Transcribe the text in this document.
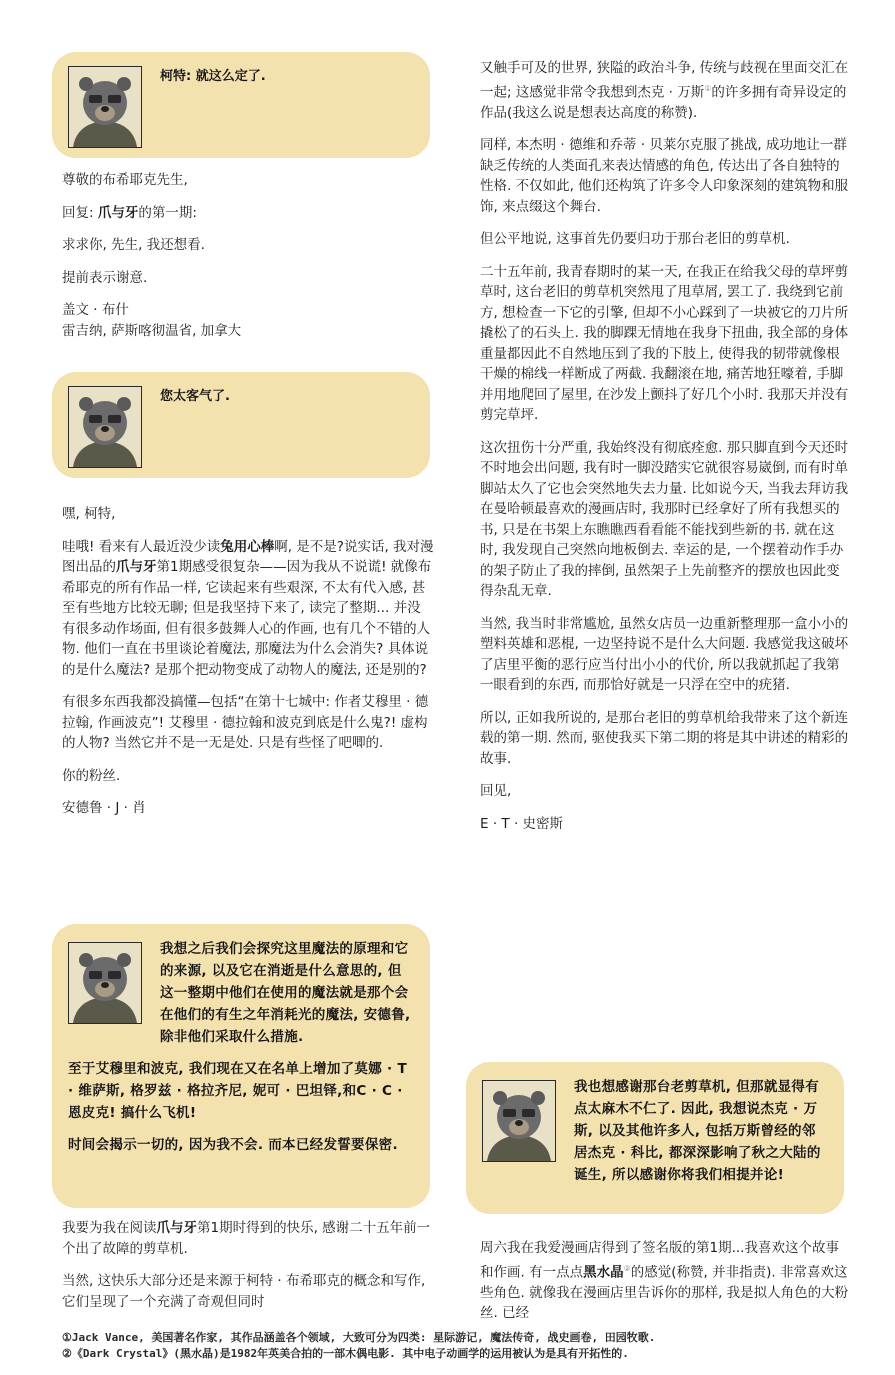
柯特: 就这么定了.

尊敬的布希耶克先生,

回复: 爪与牙的第一期:

求求你, 先生, 我还想看.

提前表示谢意.

盖文 · 布什

雷吉纳, 萨斯喀彻温省, 加拿大

您太客气了.

嘿, 柯特,

哇哦! 看来有人最近没少读兔用心棒啊, 是不是?说实话, 我对漫图出品的爪与牙第1期感受很复杂——因为我从不说谎! 就像布希耶克的所有作品一样, 它读起来有些艰深, 不太有代入感, 甚至有些地方比较无聊; 但是我坚持下来了, 读完了整期... 并没有很多动作场面, 但有很多鼓舞人心的作画, 也有几个不错的人物. 他们一直在书里谈论着魔法, 那魔法为什么会消失? 具体说的是什么魔法? 是那个把动物变成了动物人的魔法, 还是别的?

有很多东西我都没搞懂—包括“在第十七城中: 作者艾穆里 · 德拉翰, 作画波克”! 艾穆里 · 德拉翰和波克到底是什么鬼?! 虚构的人物? 当然它并不是一无是处. 只是有些怪了吧唧的.

你的粉丝.

安德鲁 · J · 肖

我想之后我们会探究这里魔法的原理和它的来源, 以及它在消逝是什么意思的, 但这一整期中他们在使用的魔法就是那个会在他们的有生之年消耗光的魔法, 安德鲁, 除非他们采取什么措施.

至于艾穆里和波克, 我们现在又在名单上增加了莫娜 · T · 维萨斯, 格罗兹 · 格拉齐尼, 妮可 · 巴坦铎,和C · C · 恩皮克! 搞什么飞机!

时间会揭示一切的, 因为我不会. 而本已经发誓要保密.

我要为我在阅读爪与牙第1期时得到的快乐, 感谢二十五年前一个出了故障的剪草机.

当然, 这快乐大部分还是来源于柯特 · 布希耶克的概念和写作, 它们呈现了一个充满了奇观但同时

又触手可及的世界, 狭隘的政治斗争, 传统与歧视在里面交汇在一起; 这感觉非常令我想到杰克 · 万斯①的许多拥有奇异设定的作品(我这么说是想表达高度的称赞).

同样, 本杰明 · 德维和乔蒂 · 贝莱尔克服了挑战, 成功地让一群缺乏传统的人类面孔来表达情感的角色, 传达出了各自独特的性格. 不仅如此, 他们还构筑了许多令人印象深刻的建筑物和服饰, 来点缀这个舞台.

但公平地说, 这事首先仍要归功于那台老旧的剪草机.

二十五年前, 我青春期时的某一天, 在我正在给我父母的草坪剪草时, 这台老旧的剪草机突然甩了甩草屑, 罢工了. 我绕到它前方, 想检查一下它的引擎, 但却不小心踩到了一块被它的刀片所撬松了的石头上. 我的脚踝无情地在我身下扭曲, 我全部的身体重量都因此不自然地压到了我的下肢上, 使得我的韧带就像根干燥的棉线一样断成了两截. 我翻滚在地, 痛苦地狂嚎着, 手脚并用地爬回了屋里, 在沙发上颤抖了好几个小时. 我那天并没有剪完草坪.

这次扭伤十分严重, 我始终没有彻底痊愈. 那只脚直到今天还时不时地会出问题, 我有时一脚没踏实它就很容易崴倒, 而有时单脚站太久了它也会突然地失去力量. 比如说今天, 当我去拜访我在曼哈顿最喜欢的漫画店时, 我那时已经拿好了所有我想买的书, 只是在书架上东瞧瞧西看看能不能找到些新的书. 就在这时, 我发现自己突然向地板倒去. 幸运的是, 一个摆着动作手办的架子防止了我的摔倒, 虽然架子上先前整齐的摆放也因此变得杂乱无章.

当然, 我当时非常尴尬, 虽然女店员一边重新整理那一盒小小的塑料英雄和恶棍, 一边坚持说不是什么大问题. 我感觉我这破坏了店里平衡的恶行应当付出小小的代价, 所以我就抓起了我第一眼看到的东西, 而那恰好就是一只浮在空中的疣猪.

所以, 正如我所说的, 是那台老旧的剪草机给我带来了这个新连载的第一期. 然而, 驱使我买下第二期的将是其中讲述的精彩的故事.

回见,

E · T · 史密斯

我也想感谢那台老剪草机, 但那就显得有点太麻木不仁了. 因此, 我想说杰克 · 万斯, 以及其他许多人, 包括万斯曾经的邻居杰克 · 科比, 都深深影响了秋之大陆的诞生, 所以感谢你将我们相提并论!

周六我在我爱漫画店得到了签名版的第1期...我喜欢这个故事和作画. 有一点点黑水晶②的感觉(称赞, 并非指责). 非常喜欢这些角色. 就像我在漫画店里告诉你的那样, 我是拟人角色的大粉丝. 已经

①Jack Vance, 美国著名作家, 其作品涵盖各个领域, 大致可分为四类: 星际游记, 魔法传奇, 战史画卷, 田园牧歌.

②《Dark Crystal》(黑水晶)是1982年英美合拍的一部木偶电影. 其中电子动画学的运用被认为是具有开拓性的.
